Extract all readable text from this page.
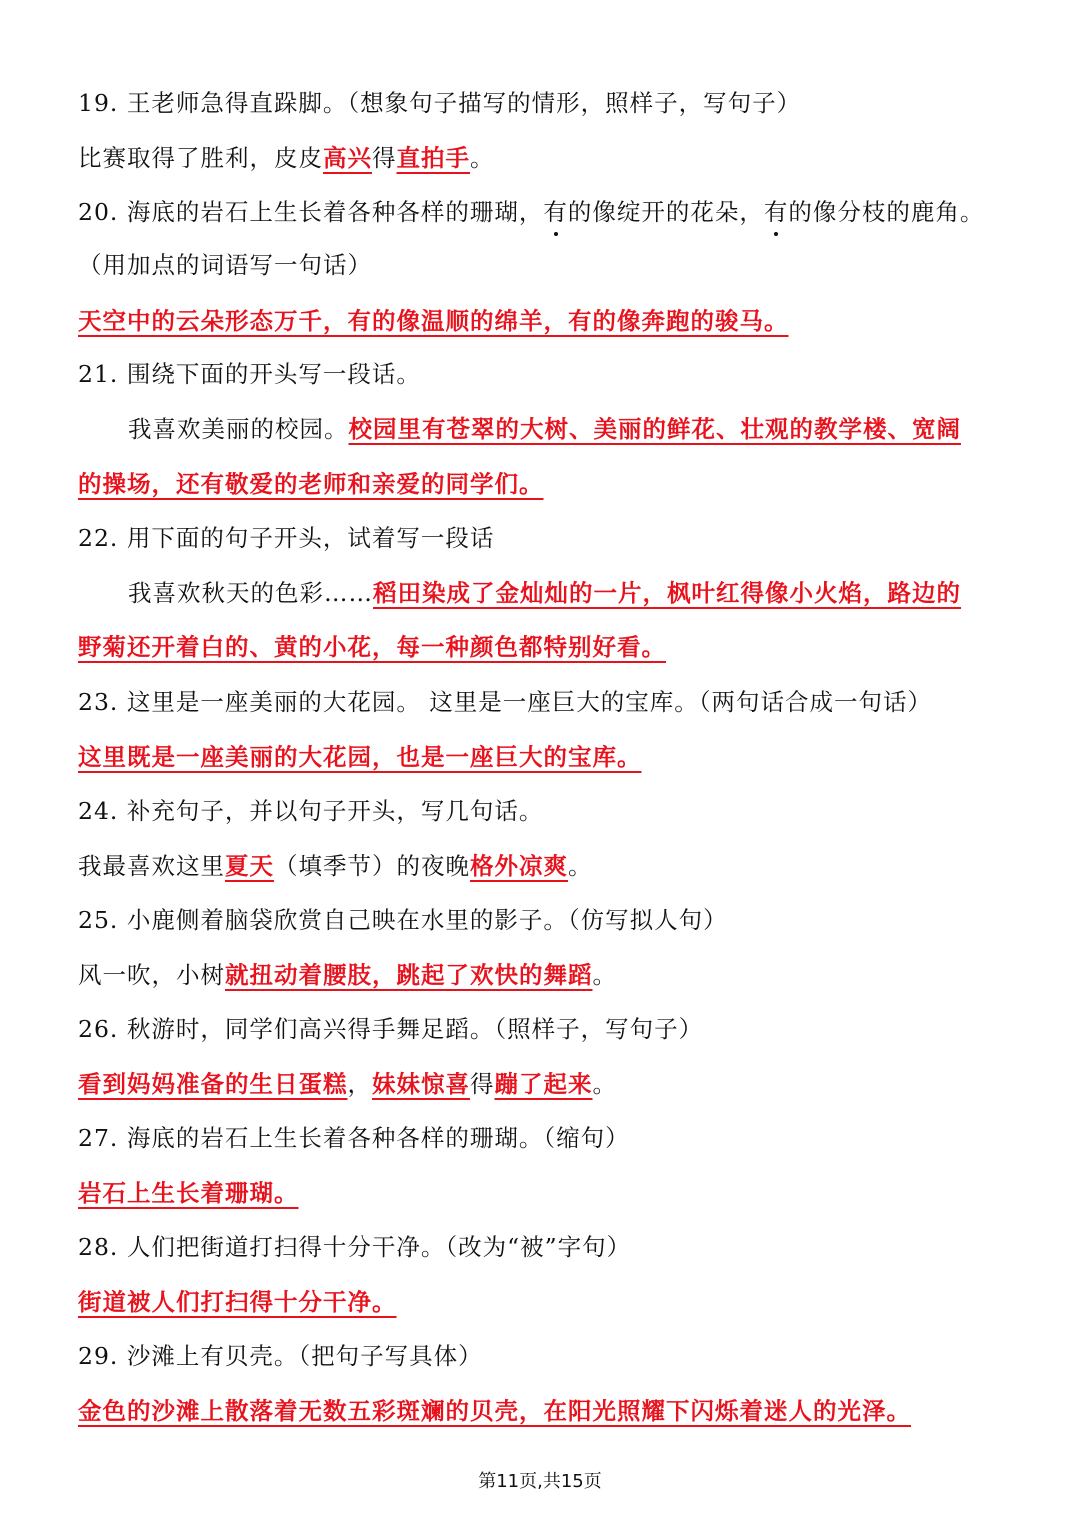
19. 王老师急得直跺脚。（想象句子描写的情形，照样子，写句子）
比赛取得了胜利，皮皮高兴得直拍手。
20. 海底的岩石上生长着各种各样的珊瑚，有的像绽开的花朵，有的像分枝的鹿角。
（用加点的词语写一句话）
天空中的云朵形态万千，有的像温顺的绵羊，有的像奔跑的骏马。
21. 围绕下面的开头写一段话。
我喜欢美丽的校园。校园里有苍翠的大树、美丽的鲜花、壮观的教学楼、宽阔
的操场，还有敬爱的老师和亲爱的同学们。
22. 用下面的句子开头，试着写一段话
我喜欢秋天的色彩……稻田染成了金灿灿的一片，枫叶红得像小火焰，路边的
野菊还开着白的、黄的小花，每一种颜色都特别好看。
23. 这里是一座美丽的大花园。 这里是一座巨大的宝库。（两句话合成一句话）
这里既是一座美丽的大花园，也是一座巨大的宝库。
24. 补充句子，并以句子开头，写几句话。
我最喜欢这里夏天（填季节）的夜晚格外凉爽。
25. 小鹿侧着脑袋欣赏自己映在水里的影子。（仿写拟人句）
风一吹，小树就扭动着腰肢，跳起了欢快的舞蹈。
26. 秋游时，同学们高兴得手舞足蹈。（照样子，写句子）
看到妈妈准备的生日蛋糕，妹妹惊喜得蹦了起来。
27. 海底的岩石上生长着各种各样的珊瑚。（缩句）
岩石上生长着珊瑚。
28. 人们把街道打扫得十分干净。（改为“被”字句）
街道被人们打扫得十分干净。
29. 沙滩上有贝壳。（把句子写具体）
金色的沙滩上散落着无数五彩斑斓的贝壳，在阳光照耀下闪烁着迷人的光泽。
第11页,共15页
